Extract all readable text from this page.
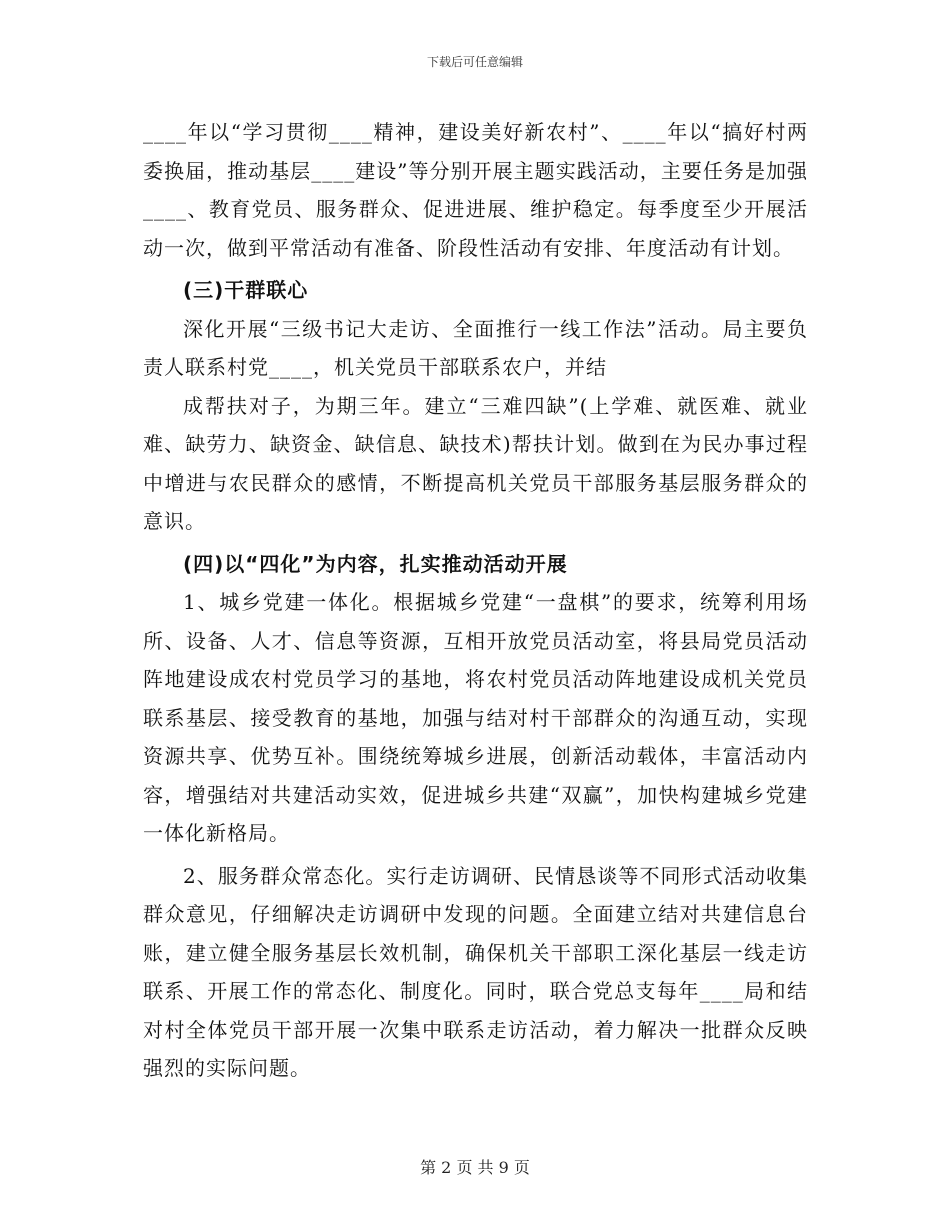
下载后可任意编辑

____年以“学习贯彻____精神，建设美好新农村”、____年以“搞好村两委换届，推动基层____建设”等分别开展主题实践活动，主要任务是加强____、教育党员、服务群众、促进进展、维护稳定。每季度至少开展活动一次，做到平常活动有准备、阶段性活动有安排、年度活动有计划。

(三)干群联心

深化开展“三级书记大走访、全面推行一线工作法”活动。局主要负责人联系村党____，机关党员干部联系农户，并结

成帮扶对子，为期三年。建立“三难四缺”(上学难、就医难、就业难、缺劳力、缺资金、缺信息、缺技术)帮扶计划。做到在为民办事过程中增进与农民群众的感情，不断提高机关党员干部服务基层服务群众的意识。

(四)以“四化”为内容，扎实推动活动开展

1、城乡党建一体化。根据城乡党建“一盘棋”的要求，统筹利用场所、设备、人才、信息等资源，互相开放党员活动室，将县局党员活动阵地建设成农村党员学习的基地，将农村党员活动阵地建设成机关党员联系基层、接受教育的基地，加强与结对村干部群众的沟通互动，实现资源共享、优势互补。围绕统筹城乡进展，创新活动载体，丰富活动内容，增强结对共建活动实效，促进城乡共建“双赢”，加快构建城乡党建一体化新格局。

2、服务群众常态化。实行走访调研、民情恳谈等不同形式活动收集群众意见，仔细解决走访调研中发现的问题。全面建立结对共建信息台账，建立健全服务基层长效机制，确保机关干部职工深化基层一线走访联系、开展工作的常态化、制度化。同时，联合党总支每年____局和结对村全体党员干部开展一次集中联系走访活动，着力解决一批群众反映强烈的实际问题。

第 2 页 共 9 页
